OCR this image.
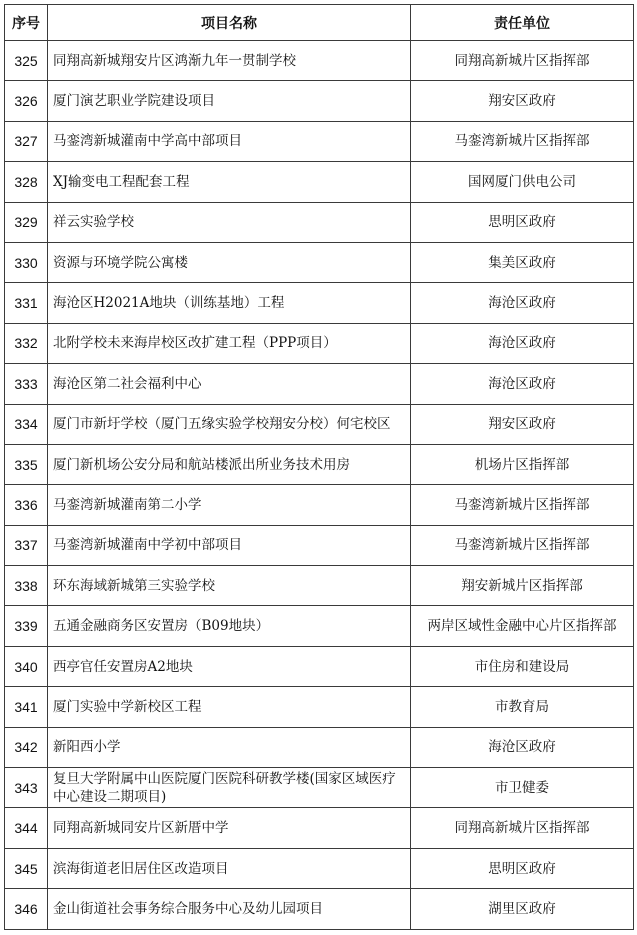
序号	项目名称	责任单位
325	同翔高新城翔安片区鸿渐九年一贯制学校	同翔高新城片区指挥部
326	厦门演艺职业学院建设项目	翔安区政府
327	马銮湾新城灌南中学高中部项目	马銮湾新城片区指挥部
328	XJ输变电工程配套工程	国网厦门供电公司
329	祥云实验学校	思明区政府
330	资源与环境学院公寓楼	集美区政府
331	海沧区H2021A地块（训练基地）工程	海沧区政府
332	北附学校未来海岸校区改扩建工程（PPP项目）	海沧区政府
333	海沧区第二社会福利中心	海沧区政府
334	厦门市新圩学校（厦门五缘实验学校翔安分校）何宅校区	翔安区政府
335	厦门新机场公安分局和航站楼派出所业务技术用房	机场片区指挥部
336	马銮湾新城灌南第二小学	马銮湾新城片区指挥部
337	马銮湾新城灌南中学初中部项目	马銮湾新城片区指挥部
338	环东海域新城第三实验学校	翔安新城片区指挥部
339	五通金融商务区安置房（B09地块）	两岸区域性金融中心片区指挥部
340	西亭官任安置房A2地块	市住房和建设局
341	厦门实验中学新校区工程	市教育局
342	新阳西小学	海沧区政府
343	复旦大学附属中山医院厦门医院科研教学楼(国家区域医疗中心建设二期项目)	市卫健委
344	同翔高新城同安片区新厝中学	同翔高新城片区指挥部
345	滨海街道老旧居住区改造项目	思明区政府
346	金山街道社会事务综合服务中心及幼儿园项目	湖里区政府
